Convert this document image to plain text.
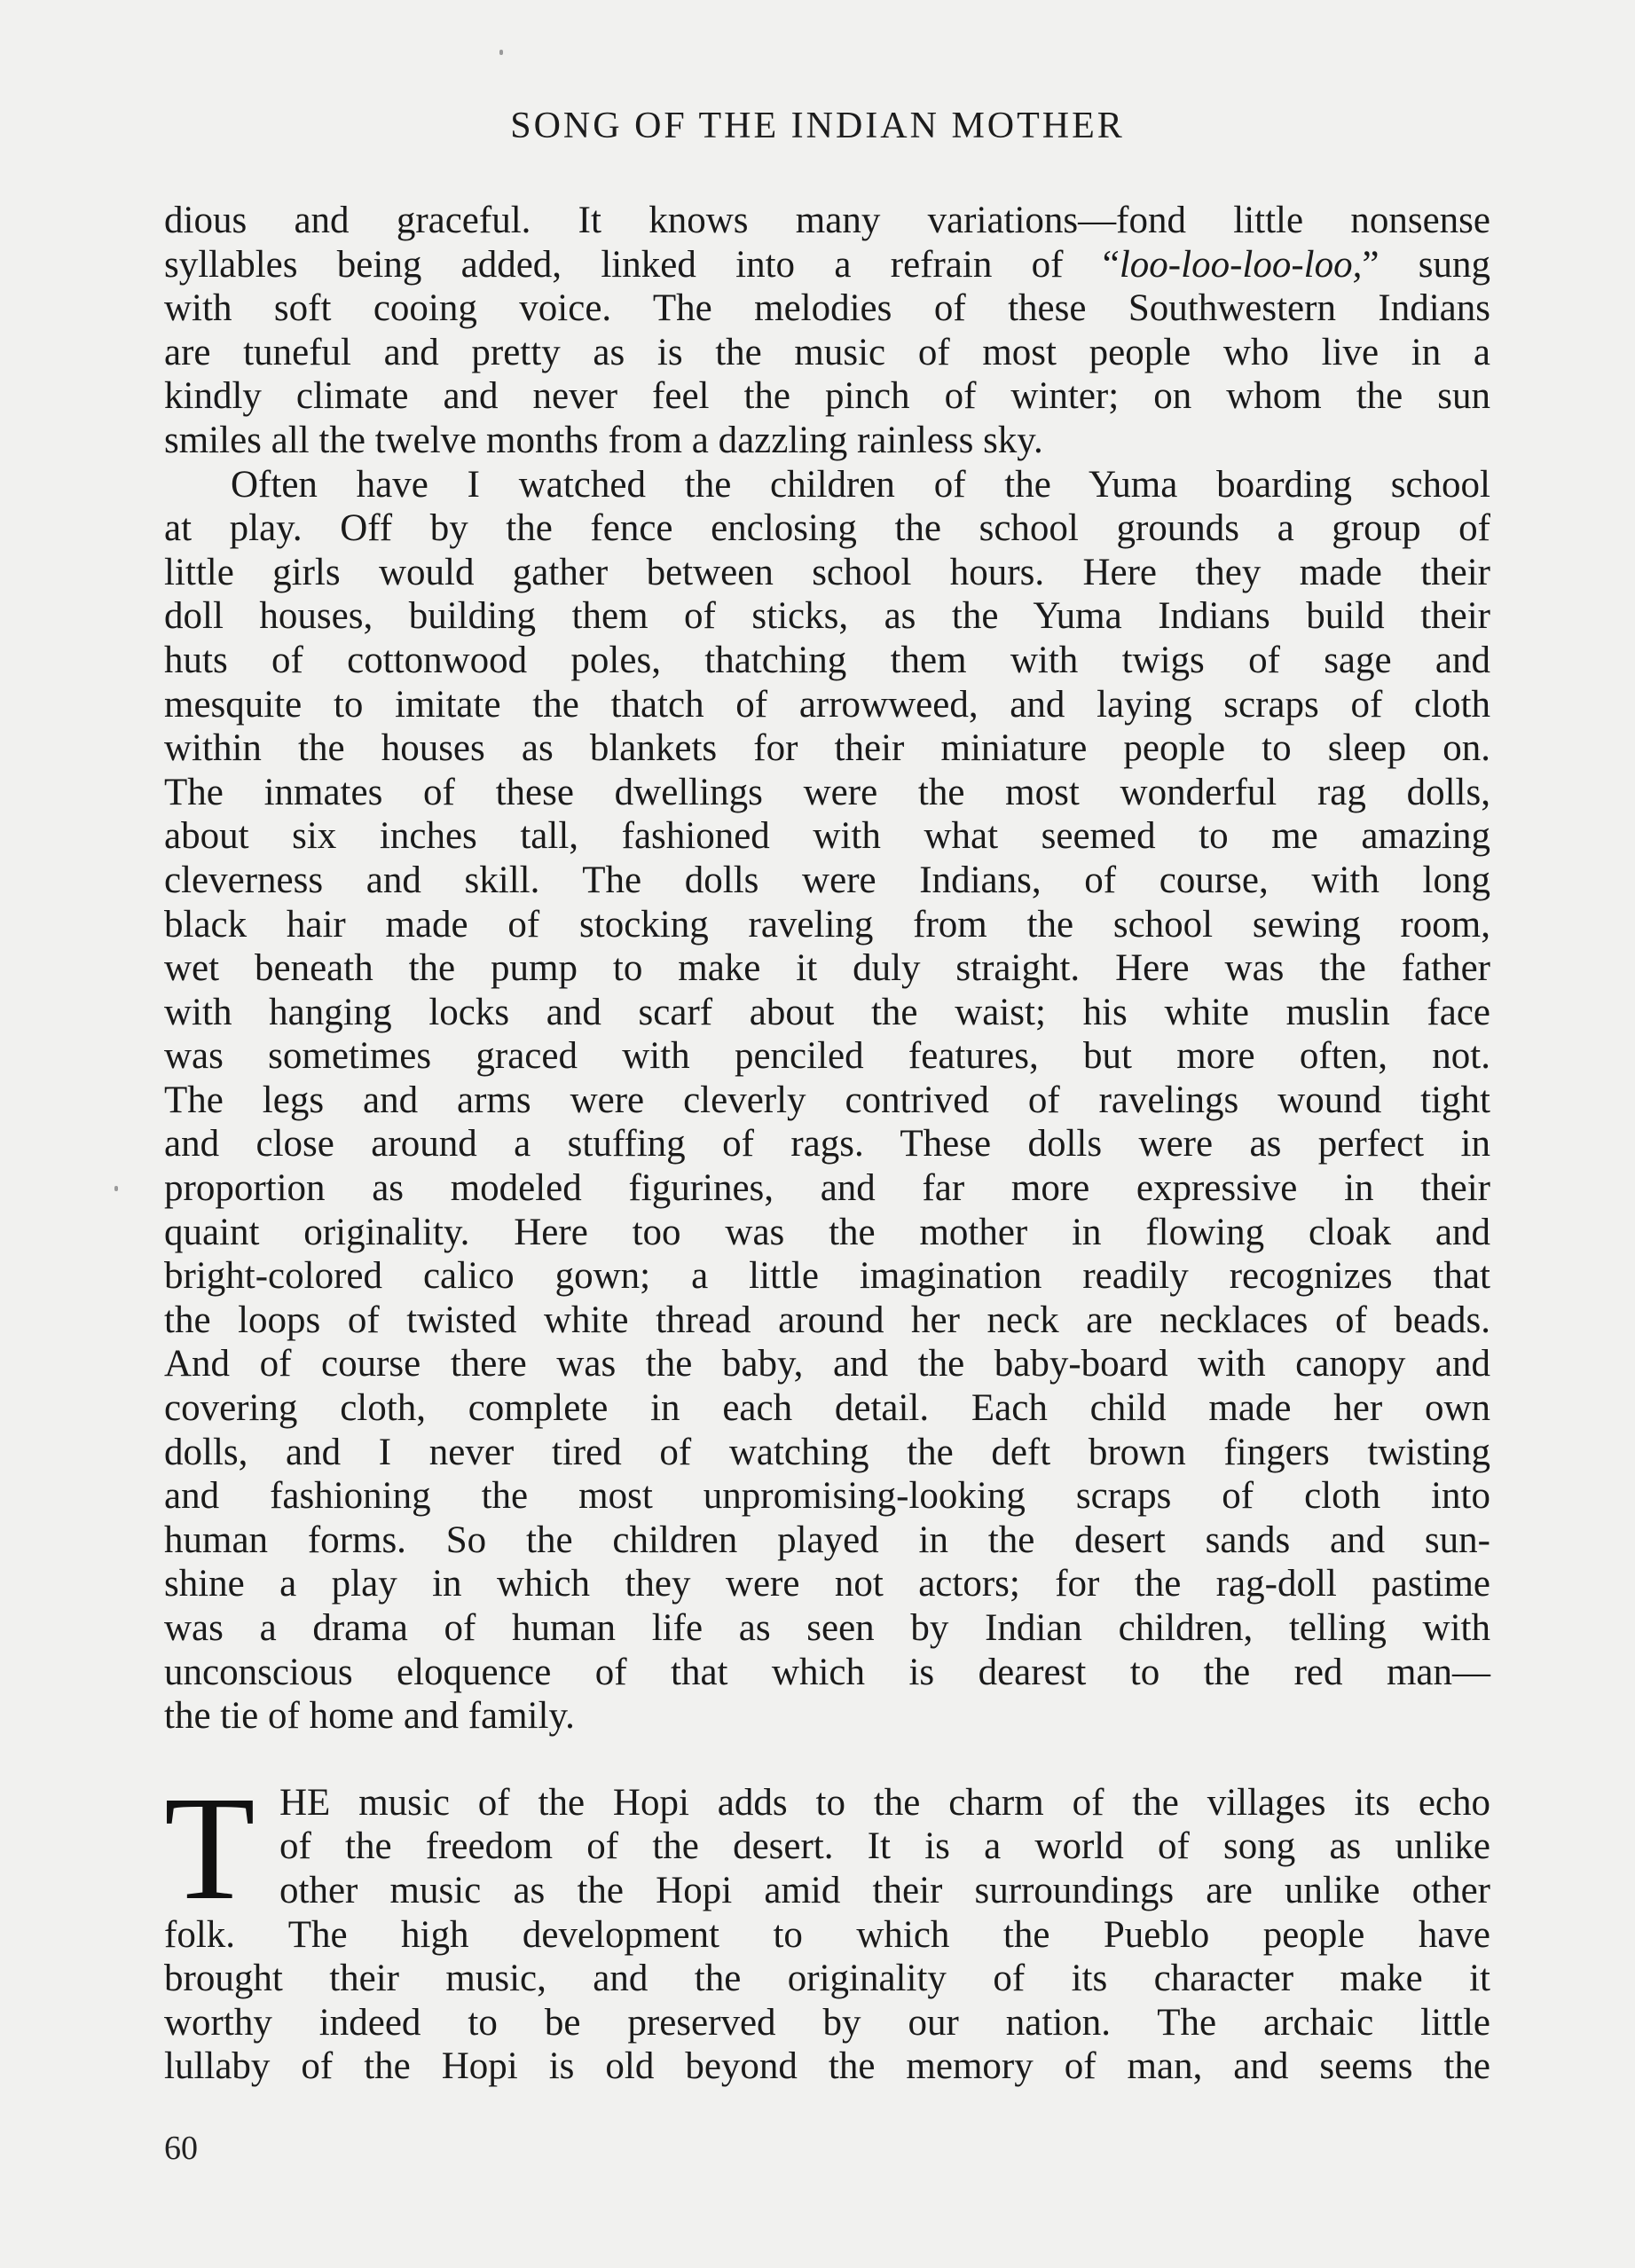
SONG OF THE INDIAN MOTHER
dious and graceful. It knows many variations—fond little nonsense
syllables being added, linked into a refrain of “loo-loo-loo-loo,” sung
with soft cooing voice. The melodies of these Southwestern Indians
are tuneful and pretty as is the music of most people who live in a
kindly climate and never feel the pinch of winter; on whom the sun
smiles all the twelve months from a dazzling rainless sky.
Often have I watched the children of the Yuma boarding school
at play. Off by the fence enclosing the school grounds a group of
little girls would gather between school hours. Here they made their
doll houses, building them of sticks, as the Yuma Indians build their
huts of cottonwood poles, thatching them with twigs of sage and
mesquite to imitate the thatch of arrowweed, and laying scraps of cloth
within the houses as blankets for their miniature people to sleep on.
The inmates of these dwellings were the most wonderful rag dolls,
about six inches tall, fashioned with what seemed to me amazing
cleverness and skill. The dolls were Indians, of course, with long
black hair made of stocking raveling from the school sewing room,
wet beneath the pump to make it duly straight. Here was the father
with hanging locks and scarf about the waist; his white muslin face
was sometimes graced with penciled features, but more often, not.
The legs and arms were cleverly contrived of ravelings wound tight
and close around a stuffing of rags. These dolls were as perfect in
proportion as modeled figurines, and far more expressive in their
quaint originality. Here too was the mother in flowing cloak and
bright-colored calico gown; a little imagination readily recognizes that
the loops of twisted white thread around her neck are necklaces of beads.
And of course there was the baby, and the baby-board with canopy and
covering cloth, complete in each detail. Each child made her own
dolls, and I never tired of watching the deft brown fingers twisting
and fashioning the most unpromising-looking scraps of cloth into
human forms. So the children played in the desert sands and sun-
shine a play in which they were not actors; for the rag-doll pastime
was a drama of human life as seen by Indian children, telling with
unconscious eloquence of that which is dearest to the red man—
the tie of home and family.
T HE music of the Hopi adds to the charm of the villages its echo
of the freedom of the desert. It is a world of song as unlike
other music as the Hopi amid their surroundings are unlike other
folk. The high development to which the Pueblo people have
brought their music, and the originality of its character make it
worthy indeed to be preserved by our nation. The archaic little
lullaby of the Hopi is old beyond the memory of man, and seems the
60
